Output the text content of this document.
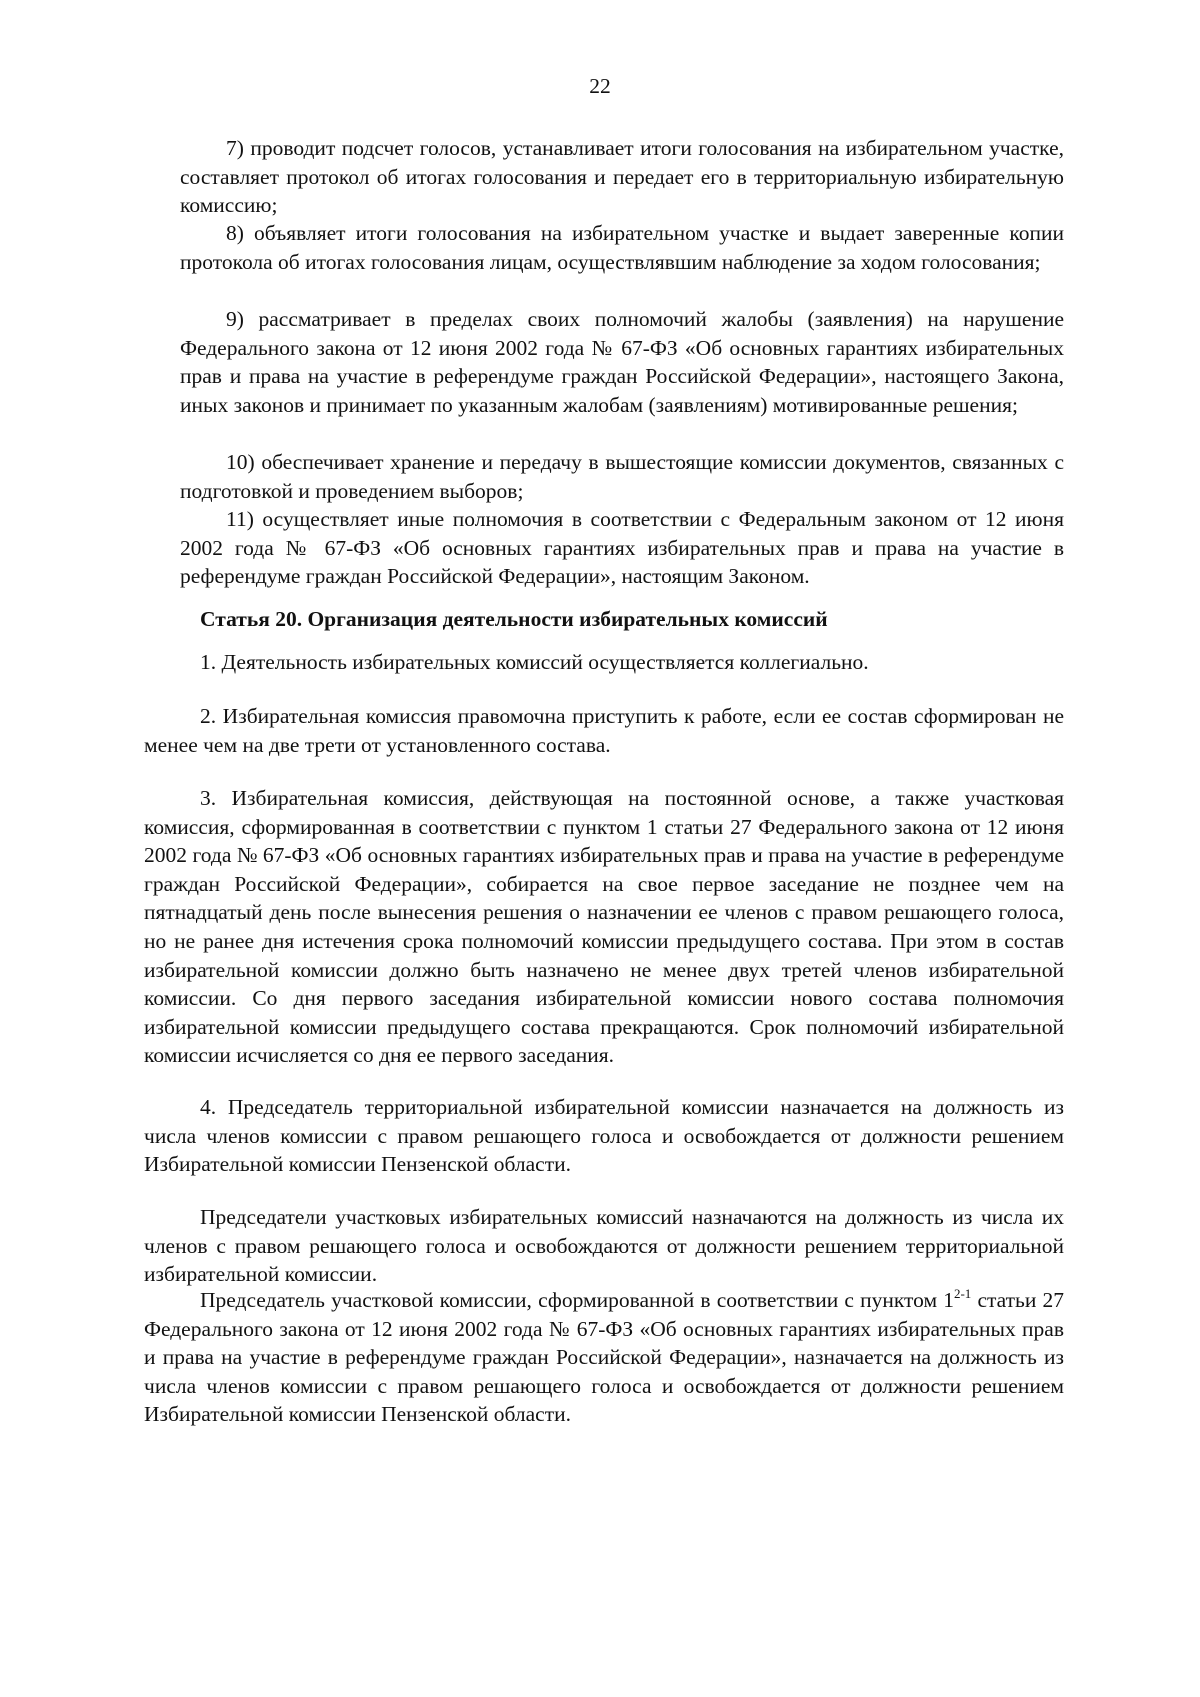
22

7) проводит подсчет голосов, устанавливает итоги голосования на избирательном участке, составляет протокол об итогах голосования и передает его в территориальную избирательную комиссию;

8) объявляет итоги голосования на избирательном участке и выдает заверенные копии протокола об итогах голосования лицам, осуществлявшим наблюдение за ходом голосования;

9) рассматривает в пределах своих полномочий жалобы (заявления) на нарушение Федерального закона от 12 июня 2002 года № 67-ФЗ «Об основных гарантиях избирательных прав и права на участие в референдуме граждан Российской Федерации», настоящего Закона, иных законов и принимает по указанным жалобам (заявлениям) мотивированные решения;

10) обеспечивает хранение и передачу в вышестоящие комиссии документов, связанных с подготовкой и проведением выборов;

11) осуществляет иные полномочия в соответствии с Федеральным законом от 12 июня 2002 года № 67-ФЗ «Об основных гарантиях избирательных прав и права на участие в референдуме граждан Российской Федерации», настоящим Законом.

Статья 20. Организация деятельности избирательных комиссий

1. Деятельность избирательных комиссий осуществляется коллегиально.

2. Избирательная комиссия правомочна приступить к работе, если ее состав сформирован не менее чем на две трети от установленного состава.

3. Избирательная комиссия, действующая на постоянной основе, а также участковая комиссия, сформированная в соответствии с пунктом 1 статьи 27 Федерального закона от 12 июня 2002 года № 67-ФЗ «Об основных гарантиях избирательных прав и права на участие в референдуме граждан Российской Федерации», собирается на свое первое заседание не позднее чем на пятнадцатый день после вынесения решения о назначении ее членов с правом решающего голоса, но не ранее дня истечения срока полномочий комиссии предыдущего состава. При этом в состав избирательной комиссии должно быть назначено не менее двух третей членов избирательной комиссии. Со дня первого заседания избирательной комиссии нового состава полномочия избирательной комиссии предыдущего состава прекращаются. Срок полномочий избирательной комиссии исчисляется со дня ее первого заседания.

4. Председатель территориальной избирательной комиссии назначается на должность из числа членов комиссии с правом решающего голоса и освобождается от должности решением Избирательной комиссии Пензенской области.

Председатели участковых избирательных комиссий назначаются на должность из числа их членов с правом решающего голоса и освобождаются от должности решением территориальной избирательной комиссии.

Председатель участковой комиссии, сформированной в соответствии с пунктом 1$^{2-1}$ статьи 27 Федерального закона от 12 июня 2002 года № 67-ФЗ «Об основных гарантиях избирательных прав и права на участие в референдуме граждан Российской Федерации», назначается на должность из числа членов комиссии с правом решающего голоса и освобождается от должности решением Избирательной комиссии Пензенской области.
